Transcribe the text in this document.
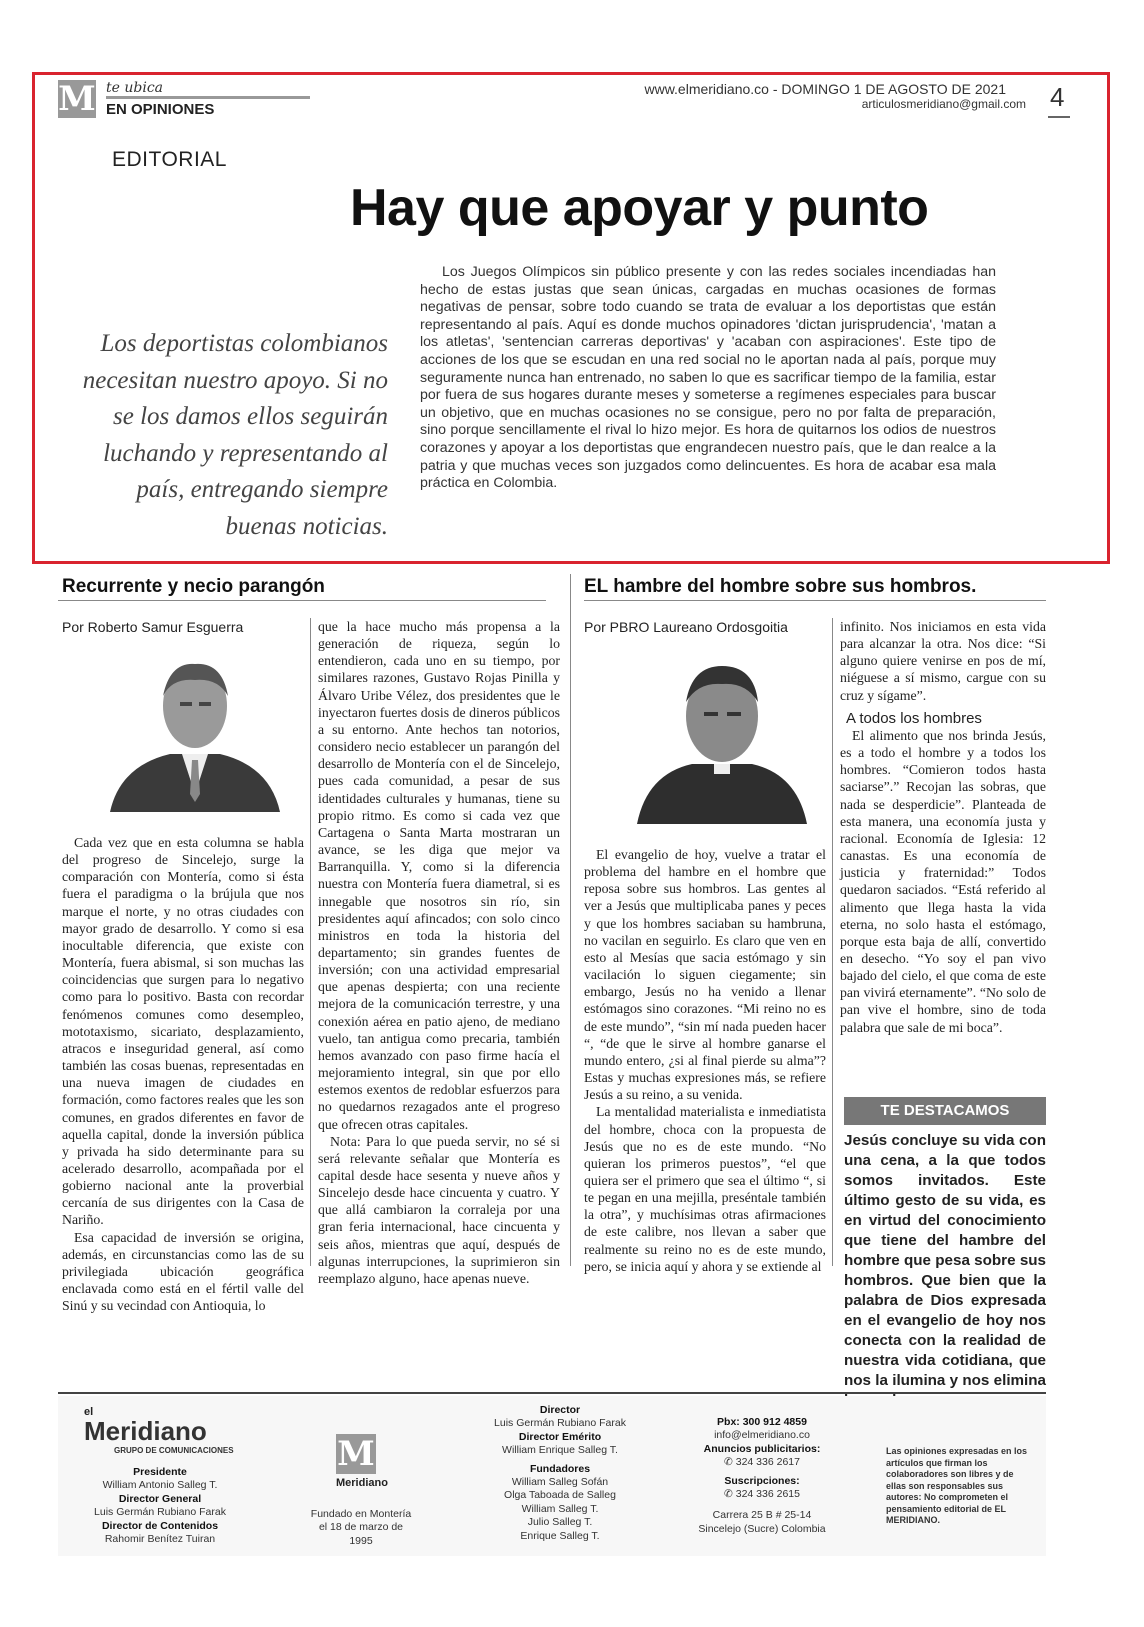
M te ubica
EN OPINIONES
www.elmeridiano.co - DOMINGO 1 DE AGOSTO DE 2021
articulosmeridiano@gmail.com 4
EDITORIAL
Hay que apoyar y punto
Los deportistas colombianos necesitan nuestro apoyo. Si no se los damos ellos seguirán luchando y representando al país, entregando siempre buenas noticias.
Los Juegos Olímpicos sin público presente y con las redes sociales incendiadas han hecho de estas justas que sean únicas, cargadas en muchas ocasiones de formas negativas de pensar, sobre todo cuando se trata de evaluar a los deportistas que están representando al país. Aquí es donde muchos opinadores 'dictan jurisprudencia', 'matan a los atletas', 'sentencian carreras deportivas' y 'acaban con aspiraciones'. Este tipo de acciones de los que se escudan en una red social no le aportan nada al país, porque muy seguramente nunca han entrenado, no saben lo que es sacrificar tiempo de la familia, estar por fuera de sus hogares durante meses y someterse a regímenes especiales para buscar un objetivo, que en muchas ocasiones no se consigue, pero no por falta de preparación, sino porque sencillamente el rival lo hizo mejor. Es hora de quitarnos los odios de nuestros corazones y apoyar a los deportistas que engrandecen nuestro país, que le dan realce a la patria y que muchas veces son juzgados como delincuentes. Es hora de acabar esa mala práctica en Colombia.
Recurrente y necio parangón
Por Roberto Samur Esguerra

Cada vez que en esta columna se habla del progreso de Sincelejo, surge la comparación con Montería, como si ésta fuera el paradigma o la brújula que nos marque el norte, y no otras ciudades con mayor grado de desarrollo. Y como si esa inocultable diferencia, que existe con Montería, fuera abismal, si son muchas las coincidencias que surgen para lo negativo como para lo positivo. Basta con recordar fenómenos comunes como desempleo, mototaxismo, sicariato, desplazamiento, atracos e inseguridad general, así como también las cosas buenas, representadas en una nueva imagen de ciudades en formación, como factores reales que les son comunes, en grados diferentes en favor de aquella capital, donde la inversión pública y privada ha sido determinante para su acelerado desarrollo, acompañada por el gobierno nacional ante la proverbial cercanía de sus dirigentes con la Casa de Nariño.

Esa capacidad de inversión se origina, además, en circunstancias como las de su privilegiada ubicación geográfica enclavada como está en el fértil valle del Sinú y su vecindad con Antioquia, lo

que la hace mucho más propensa a la generación de riqueza, según lo entendieron, cada uno en su tiempo, por similares razones, Gustavo Rojas Pinilla y Álvaro Uribe Vélez, dos presidentes que le inyectaron fuertes dosis de dineros públicos a su entorno. Ante hechos tan notorios, considero necio establecer un parangón del desarrollo de Montería con el de Sincelejo, pues cada comunidad, a pesar de sus identidades culturales y humanas, tiene su propio ritmo. Es como si cada vez que Cartagena o Santa Marta mostraran un avance, se les diga que mejor va Barranquilla. Y, como si la diferencia nuestra con Montería fuera diametral, si es innegable que nosotros sin río, sin presidentes aquí afincados; con solo cinco ministros en toda la historia del departamento; sin grandes fuentes de inversión; con una actividad empresarial que apenas despierta; con una reciente mejora de la comunicación terrestre, y una conexión aérea en patio ajeno, de mediano vuelo, tan antigua como precaria, también hemos avanzado con paso firme hacía el mejoramiento integral, sin que por ello estemos exentos de redoblar esfuerzos para no quedarnos rezagados ante el progreso que ofrecen otras capitales.

Nota: Para lo que pueda servir, no sé si será relevante señalar que Montería es capital desde hace sesenta y nueve años y Sincelejo desde hace cincuenta y cuatro. Y que allá cambiaron la corraleja por una gran feria internacional, hace cincuenta y seis años, mientras que aquí, después de algunas interrupciones, la suprimieron sin reemplazo alguno, hace apenas nueve.

EL hambre del hombre sobre sus hombros.
Por PBRO Laureano Ordosgoitia

El evangelio de hoy, vuelve a tratar el problema del hambre en el hombre que reposa sobre sus hombros. Las gentes al ver a Jesús que multiplicaba panes y peces y que los hombres saciaban su hambruna, no vacilan en seguirlo. Es claro que ven en esto al Mesías que sacia estómago y sin vacilación lo siguen ciegamente; sin embargo, Jesús no ha venido a llenar estómagos sino corazones. “Mi reino no es de este mundo”, “sin mí nada pueden hacer “, “de que le sirve al hombre ganarse el mundo entero, ¿si al final pierde su alma”? Estas y muchas expresiones más, se refiere Jesús a su reino, a su venida.

La mentalidad materialista e inmediatista del hombre, choca con la propuesta de Jesús que no es de este mundo. “No quieran los primeros puestos”, “el que quiera ser el primero que sea el último “, si te pegan en una mejilla, preséntale también la otra”, y muchísimas otras afirmaciones de este calibre, nos llevan a saber que realmente su reino no es de este mundo, pero, se inicia aquí y ahora y se extiende al

infinito. Nos iniciamos en esta vida para alcanzar la otra. Nos dice: “Si alguno quiere venirse en pos de mí, niéguese a sí mismo, cargue con su cruz y sígame”.

A todos los hombres

El alimento que nos brinda Jesús, es a todo el hombre y a todos los hombres. “Comieron todos hasta saciarse”.” Recojan las sobras, que nada se desperdicie”. Planteada de esta manera, una economía justa y racional. Economía de Iglesia: 12 canastas. Es una economía de justicia y fraternidad:” Todos quedaron saciados. “Está referido al alimento que llega hasta la vida eterna, no solo hasta el estómago, porque esta baja de allí, convertido en desecho. “Yo soy el pan vivo bajado del cielo, el que coma de este pan vivirá eternamente”. “No solo de pan vive el hombre, sino de toda palabra que sale de mi boca”.

TE DESTACAMOS
Jesús concluye su vida con una cena, a la que todos somos invitados. Este último gesto de su vida, es en virtud del conocimiento que tiene del hambre del hombre que pesa sobre sus hombros. Que bien que la palabra de Dios expresada en el evangelio de hoy nos conecta con la realidad de nuestra vida cotidiana, que nos la ilumina y nos elimina
el
Meridiano
GRUPO DE COMUNICACIONES
Presidente
William Antonio Salleg T.
Director General
Luis Germán Rubiano Farak
Director de Contenidos
Rahomir Benítez Tuiran
M
Meridiano
Fundado en Montería el 18 de marzo de 1995
Director
Luis Germán Rubiano Farak
Director Emérito
William Enrique Salleg T.
Fundadores
William Salleg Sofán
Olga Taboada de Salleg
William Salleg T.
Julio Salleg T.
Enrique Salleg T.
Pbx: 300 912 4859
info@elmeridiano.co
Anuncios publicitarios:
✆ 324 336 2617
Suscripciones:
✆ 324 336 2615
Carrera 25 B # 25-14
Sincelejo (Sucre) Colombia
Las opiniones expresadas en los artículos que firman los colaboradores son libres y de ellas son responsables sus autores: No comprometen el pensamiento editorial de EL MERIDIANO.
